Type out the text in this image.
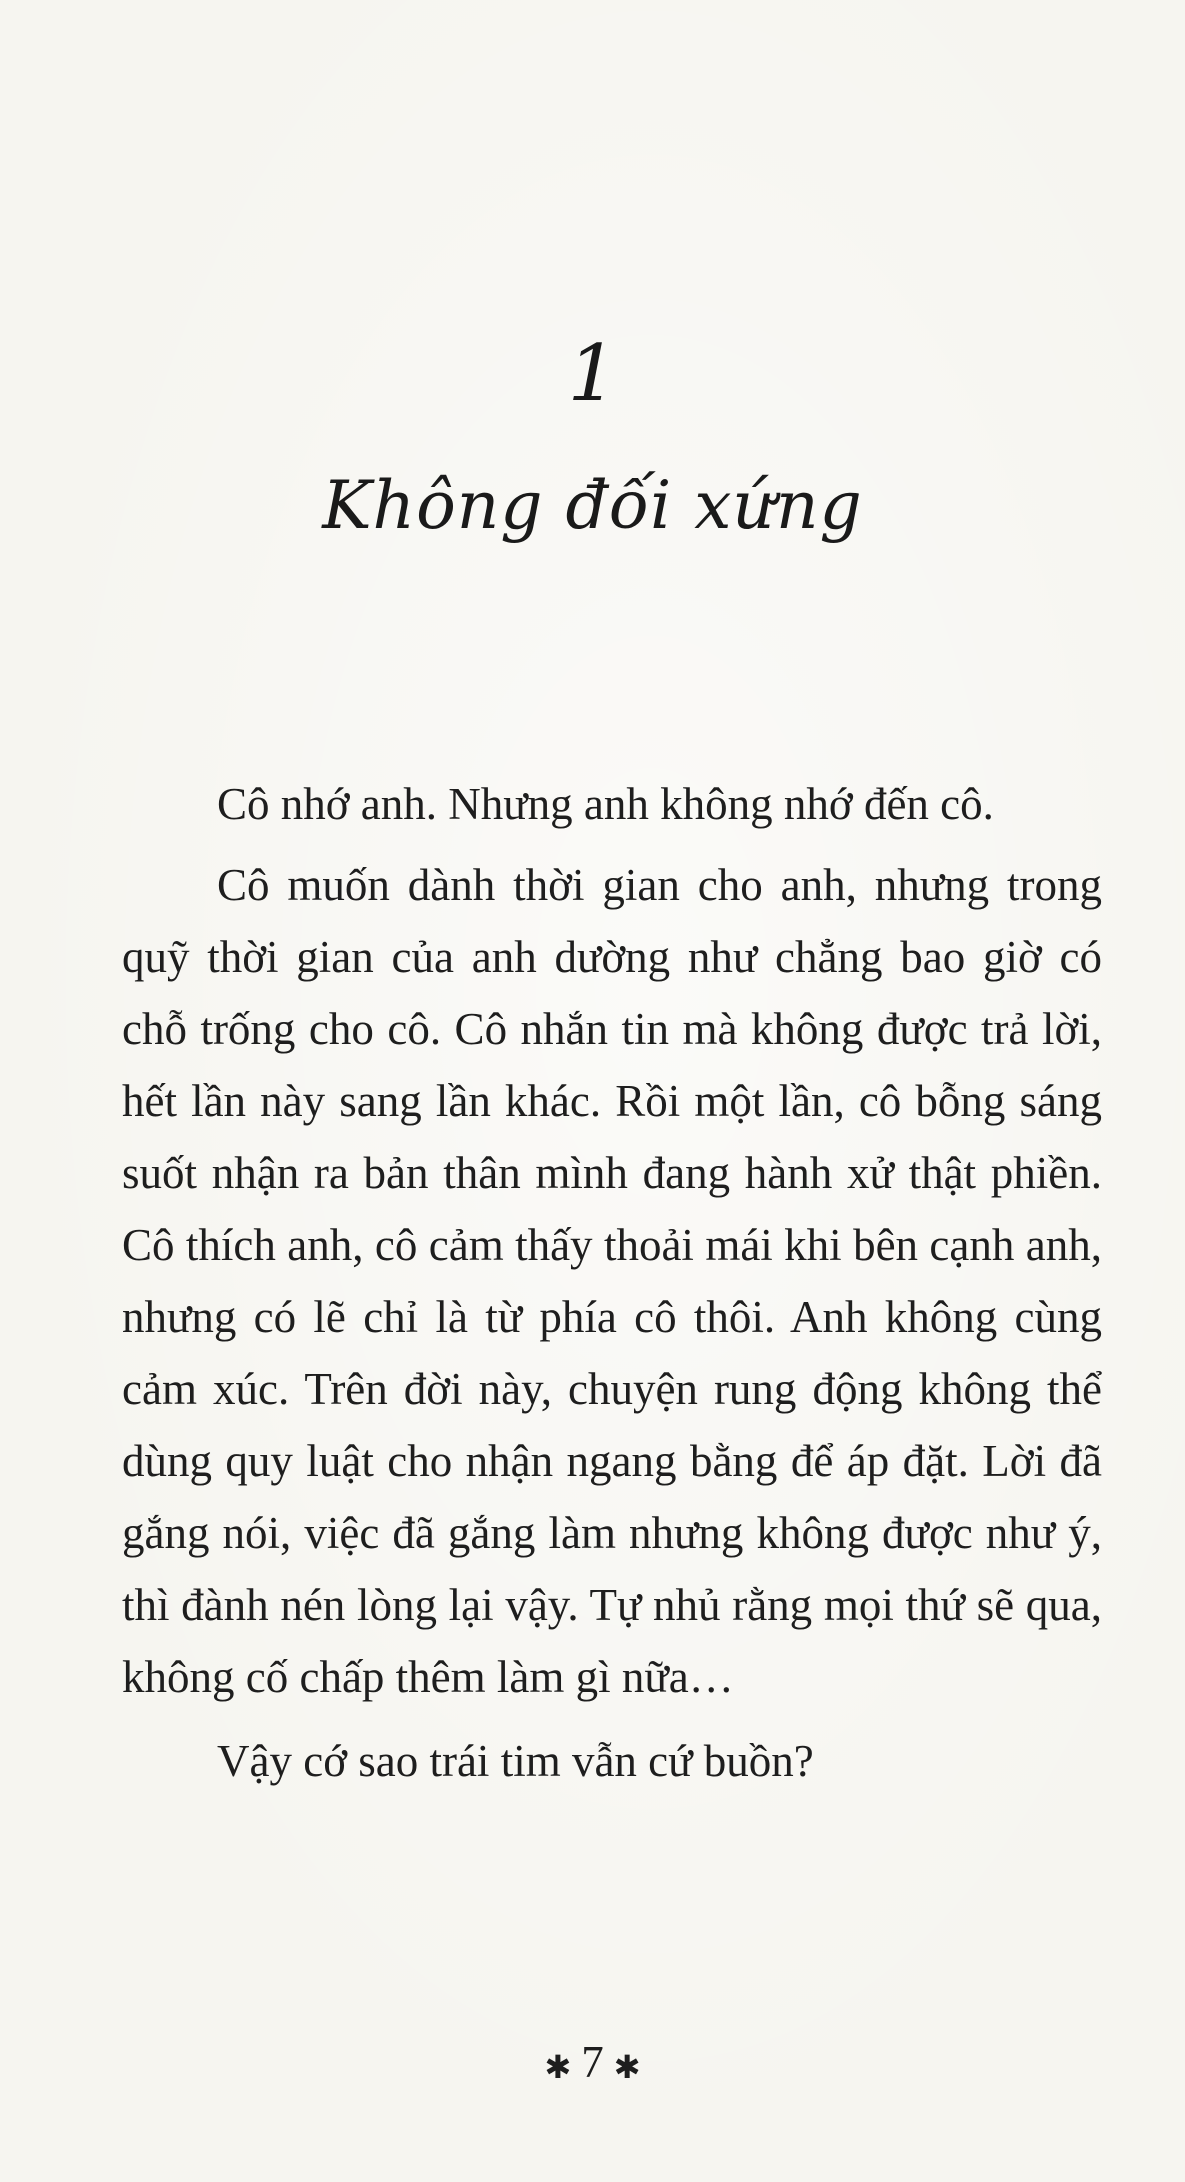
1
Không đối xứng

Cô nhớ anh. Nhưng anh không nhớ đến cô.

Cô muốn dành thời gian cho anh, nhưng trong quỹ thời gian của anh dường như chẳng bao giờ có chỗ trống cho cô. Cô nhắn tin mà không được trả lời, hết lần này sang lần khác. Rồi một lần, cô bỗng sáng suốt nhận ra bản thân mình đang hành xử thật phiền. Cô thích anh, cô cảm thấy thoải mái khi bên cạnh anh, nhưng có lẽ chỉ là từ phía cô thôi. Anh không cùng cảm xúc. Trên đời này, chuyện rung động không thể dùng quy luật cho nhận ngang bằng để áp đặt. Lời đã gắng nói, việc đã gắng làm nhưng không được như ý, thì đành nén lòng lại vậy. Tự nhủ rằng mọi thứ sẽ qua, không cố chấp thêm làm gì nữa…

Vậy cớ sao trái tim vẫn cứ buồn?

✱ 7 ✱
